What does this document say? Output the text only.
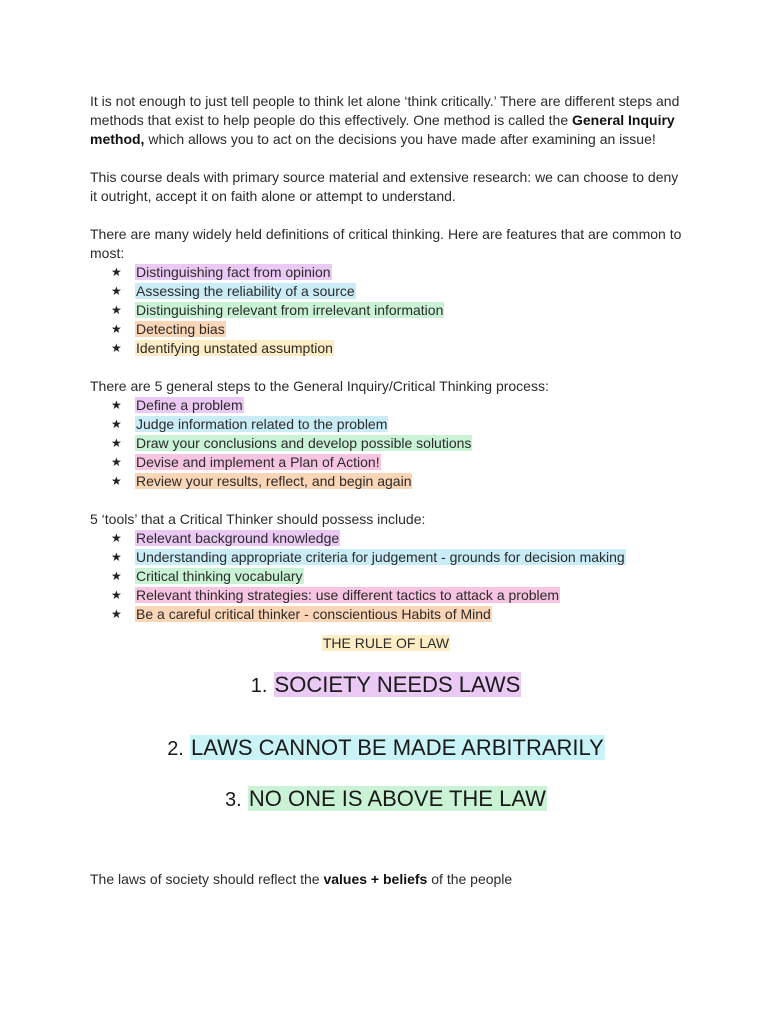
It is not enough to just tell people to think let alone ‘think critically.’ There are different steps and methods that exist to help people do this effectively. One method is called the General Inquiry method, which allows you to act on the decisions you have made after examining an issue!

This course deals with primary source material and extensive research: we can choose to deny it outright, accept it on faith alone or attempt to understand.

There are many widely held definitions of critical thinking. Here are features that are common to most:

★ Distinguishing fact from opinion
★ Assessing the reliability of a source
★ Distinguishing relevant from irrelevant information
★ Detecting bias
★ Identifying unstated assumption

There are 5 general steps to the General Inquiry/Critical Thinking process:

★ Define a problem
★ Judge information related to the problem
★ Draw your conclusions and develop possible solutions
★ Devise and implement a Plan of Action!
★ Review your results, reflect, and begin again

5 ‘tools’ that a Critical Thinker should possess include:

★ Relevant background knowledge
★ Understanding appropriate criteria for judgement - grounds for decision making
★ Critical thinking vocabulary
★ Relevant thinking strategies: use different tactics to attack a problem
★ Be a careful critical thinker - conscientious Habits of Mind
THE RULE OF LAW
1. SOCIETY NEEDS LAWS
2. LAWS CANNOT BE MADE ARBITRARILY
3. NO ONE IS ABOVE THE LAW

The laws of society should reflect the values + beliefs of the people
